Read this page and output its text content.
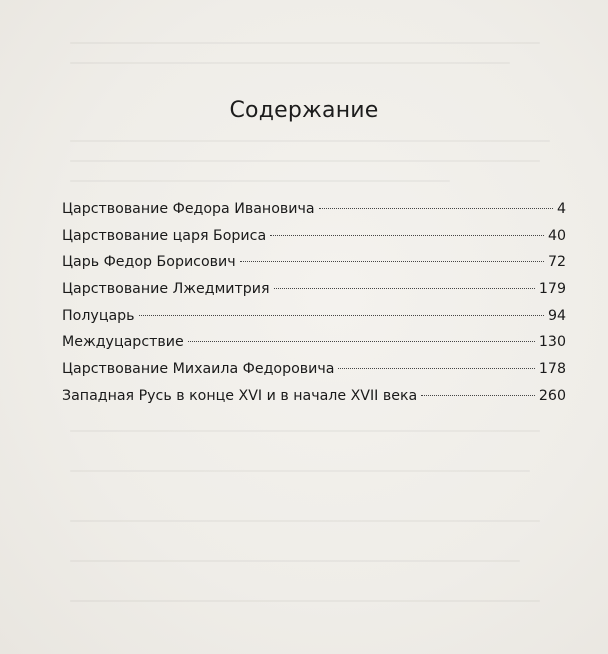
Содержание
Царствование Федора Ивановича	4
Царствование царя Бориса	40
Царь Федор Борисович	72
Царствование Лжедмитрия	179
Полуцарь	94
Междуцарствие	130
Царствование Михаила Федоровича	178
Западная Русь в конце XVI и в начале XVII века	260
